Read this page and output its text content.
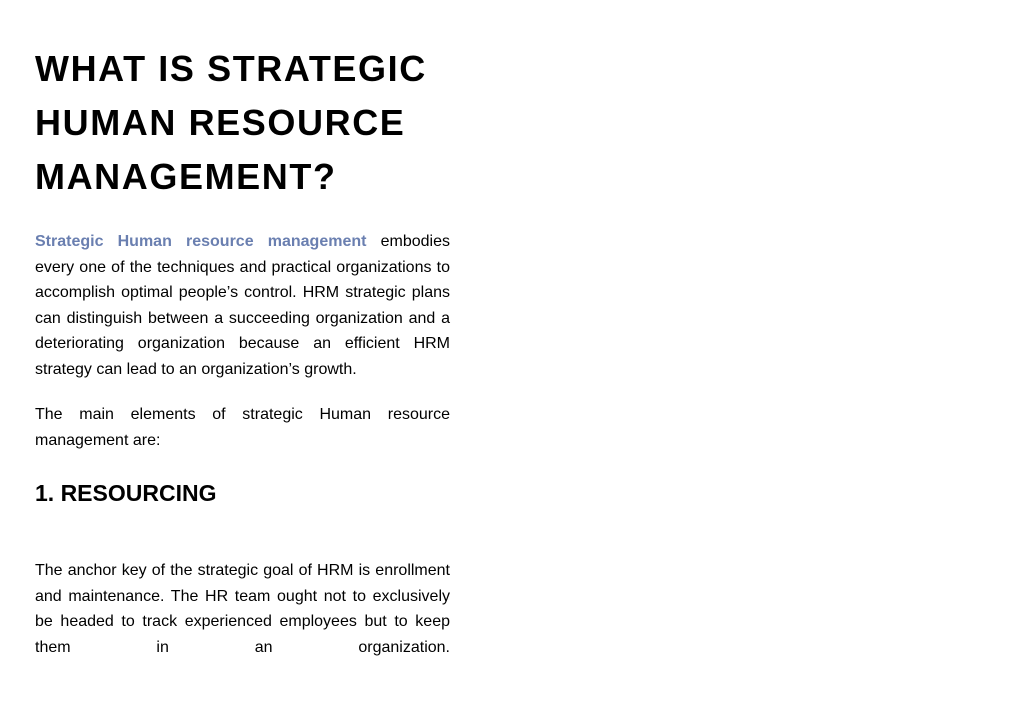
WHAT IS STRATEGIC HUMAN RESOURCE MANAGEMENT?

Strategic Human resource management embodies every one of the techniques and practical organizations to accomplish optimal people’s control. HRM strategic plans can distinguish between a succeeding organization and a deteriorating organization because an efficient HRM strategy can lead to an organization’s growth.

The main elements of strategic Human resource management are:

1. RESOURCING

The anchor key of the strategic goal of HRM is enrollment and maintenance. The HR team ought not to exclusively be headed to track experienced employees but to keep them in an organization.
